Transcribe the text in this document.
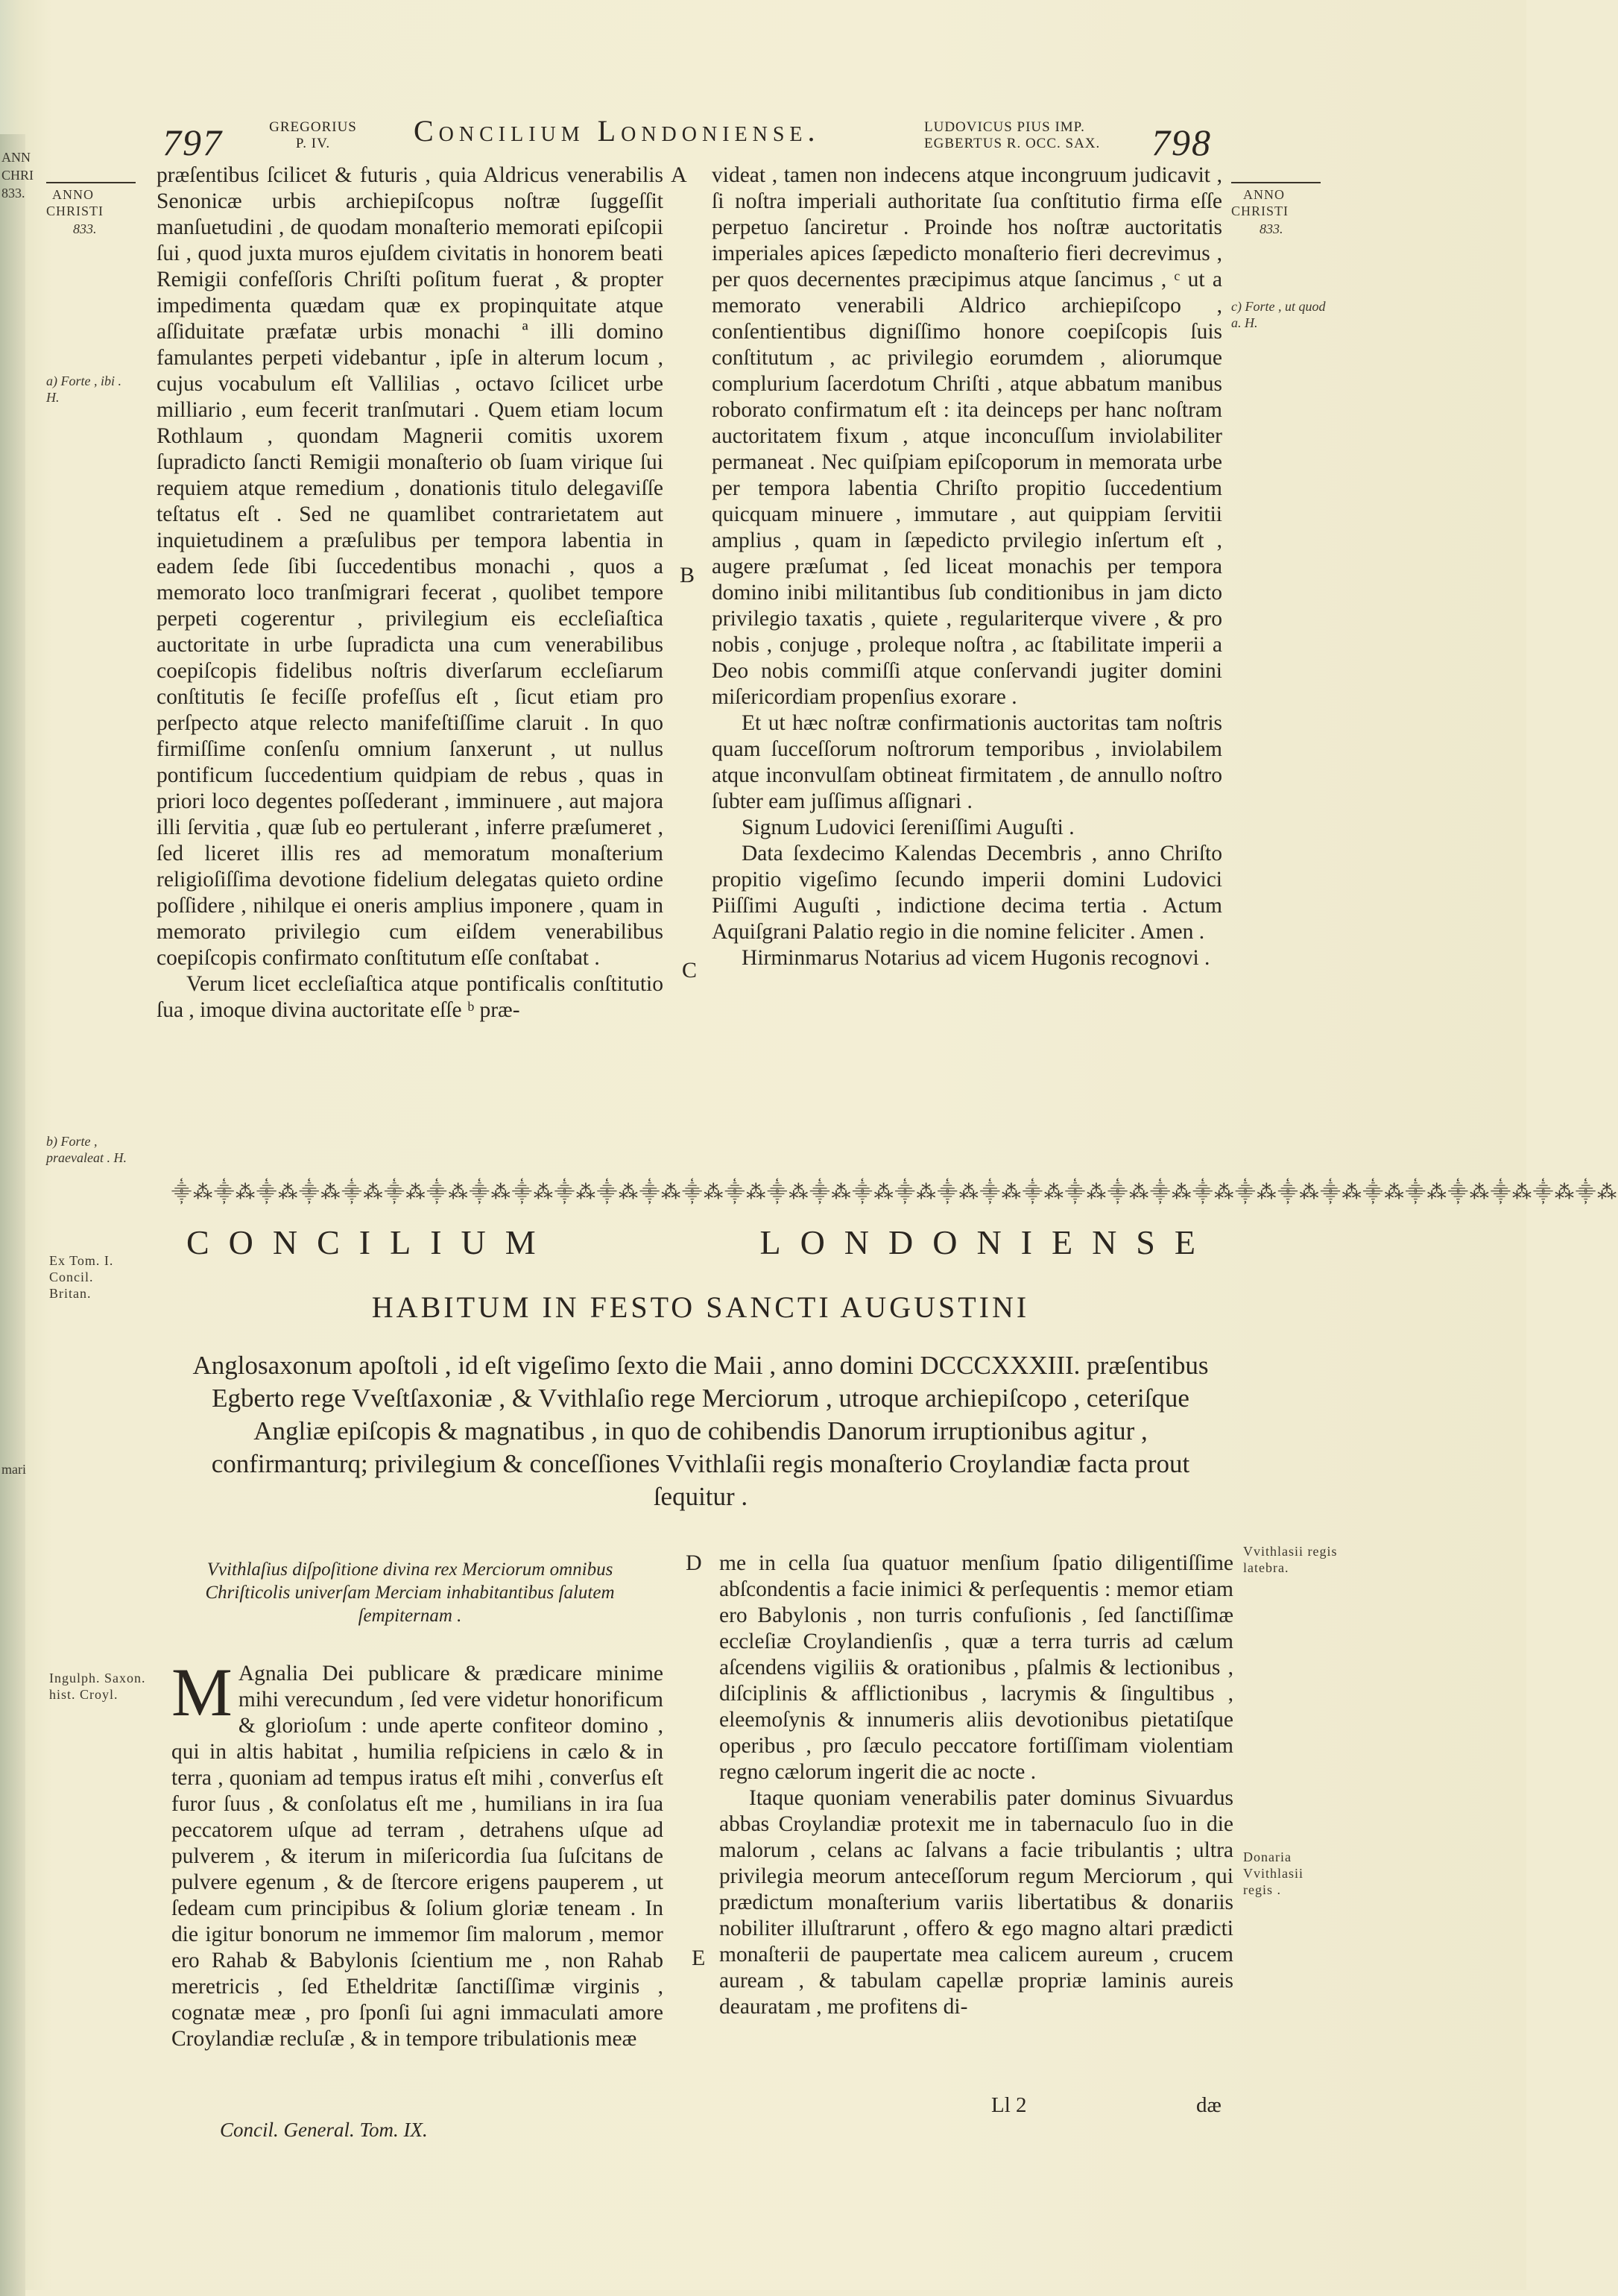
ANN
CHRI
833.
mari
797	GREGORIUS
P. IV.	Concilium Londoniense.	LUDOVICUS PIUS IMP.
EGBERTUS R. OCC. SAX.	798
ANNO
CHRISTI
833.
a) Forte , ibi . H.
b) Forte , praevaleat . H.
Ex Tom. I. Concil. Britan.
Ingulph. Saxon. hist. Croyl.
ANNO
CHRISTI
833.
c) Forte , ut quod a. H.
Vvithlasii regis latebra.
Donaria Vvithlasii regis .
A
B
C
D
E

præſentibus ſcilicet & futuris , quia Aldricus venerabilis Senonicæ urbis archiepiſcopus noſtræ ſuggeſſit manſuetudini , de quodam monaſterio memorati epiſcopii ſui , quod juxta muros ejuſdem civitatis in honorem beati Remigii confeſſoris Chriſti poſitum fuerat , & propter impedimenta quædam quæ ex propinquitate atque aſſiduitate præfatæ urbis monachi ª illi domino famulantes perpeti videbantur , ipſe in alterum locum , cujus vocabulum eſt Vallilias , octavo ſcilicet urbe milliario , eum fecerit tranſmutari . Quem etiam locum Rothlaum , quondam Magnerii comitis uxorem ſupradicto ſancti Remigii monaſterio ob ſuam virique ſui requiem atque remedium , donationis titulo delegaviſſe teſtatus eſt . Sed ne quamlibet contrarietatem aut inquietudinem a præſulibus per tempora labentia in eadem ſede ſibi ſuccedentibus monachi , quos a memorato loco tranſmigrari fecerat , quolibet tempore perpeti cogerentur , privilegium eis eccleſiaſtica auctoritate in urbe ſupradicta una cum venerabilibus coepiſcopis fidelibus noſtris diverſarum eccleſiarum conſtitutis ſe feciſſe profeſſus eſt , ſicut etiam pro perſpecto atque relecto manifeſtiſſime claruit . In quo firmiſſime conſenſu omnium ſanxerunt , ut nullus pontificum ſuccedentium quidpiam de rebus , quas in priori loco degentes poſſederant , imminuere , aut majora illi ſervitia , quæ ſub eo pertulerant , inferre præſumeret , ſed liceret illis res ad memoratum monaſterium religioſiſſima devotione fidelium delegatas quieto ordine poſſidere , nihilque ei oneris amplius imponere , quam in memorato privilegio cum eiſdem venerabilibus coepiſcopis confirmato conſtitutum eſſe conſtabat .

Verum licet eccleſiaſtica atque pontificalis conſtitutio ſua , imoque divina auctoritate eſſe ᵇ præ-

videat , tamen non indecens atque incongruum judicavit , ſi noſtra imperiali authoritate ſua conſtitutio firma eſſe perpetuo ſanciretur . Proinde hos noſtræ auctoritatis imperiales apices ſæpedicto monaſterio fieri decrevimus , per quos decernentes præcipimus atque ſancimus , ᶜ ut a memorato venerabili Aldrico archiepiſcopo , conſentientibus digniſſimo honore coepiſcopis ſuis conſtitutum , ac privilegio eorumdem , aliorumque complurium ſacerdotum Chriſti , atque abbatum manibus roborato confirmatum eſt : ita deinceps per hanc noſtram auctoritatem fixum , atque inconcuſſum inviolabiliter permaneat . Nec quiſpiam epiſcoporum in memorata urbe per tempora labentia Chriſto propitio ſuccedentium quicquam minuere , immutare , aut quippiam ſervitii amplius , quam in ſæpedicto prvilegio inſertum eſt , augere præſumat , ſed liceat monachis per tempora domino inibi militantibus ſub conditionibus in jam dicto privilegio taxatis , quiete , regulariterque vivere , & pro nobis , conjuge , proleque noſtra , ac ſtabilitate imperii a Deo nobis commiſſi atque conſervandi jugiter domini miſericordiam propenſius exorare .

Et ut hæc noſtræ confirmationis auctoritas tam noſtris quam ſucceſſorum noſtrorum temporibus , inviolabilem atque inconvulſam obtineat firmitatem , de annullo noſtro ſubter eam juſſimus aſſignari .

Signum Ludovici ſereniſſimi Auguſti .

Data ſexdecimo Kalendas Decembris , anno Chriſto propitio vigeſimo ſecundo imperii domini Ludovici Piiſſimi Auguſti , indictione decima tertia . Actum Aquiſgrani Palatio regio in die nomine feliciter . Amen .

Hirminmarus Notarius ad vicem Hugonis recognovi .

⸎⁂⸎⁂⸎⁂⸎⁂⸎⁂⸎⁂⸎⁂⸎⁂⸎⁂⸎⁂⸎⁂⸎⁂⸎⁂⸎⁂⸎⁂⸎⁂⸎⁂⸎⁂⸎⁂⸎⁂⸎⁂⸎⁂⸎⁂⸎⁂⸎⁂⸎⁂⸎⁂⸎⁂⸎⁂⸎⁂⸎⁂⸎⁂⸎⁂⸎⁂
CONCILIUM LONDONIENSE
HABITUM IN FESTO SANCTI AUGUSTINI
Anglosaxonum apoſtoli , id eſt vigeſimo ſexto die Maii , anno domini DCCCXXXIII. præſentibus Egberto rege Vveſtſaxoniæ , & Vvithlaſio rege Merciorum , utroque archiepiſcopo , ceteriſque Angliæ epiſcopis & magnatibus , in quo de cohibendis Danorum irruptionibus agitur , confirmanturq; privilegium & conceſſiones Vvithlaſii regis monaſterio Croylandiæ facta prout ſequitur .
Vvithlaſius diſpoſitione divina rex Merciorum omnibus Chriſticolis univerſam Merciam inhabitantibus ſalutem ſempiternam .
M Agnalia Dei publicare & prædicare minime mihi verecundum , ſed vere videtur honorificum & glorioſum : unde aperte confiteor domino , qui in altis habitat , humilia reſpiciens in cælo & in terra , quoniam ad tempus iratus eſt mihi , converſus eſt furor ſuus , & conſolatus eſt me , humilians in ira ſua peccatorem uſque ad terram , detrahens uſque ad pulverem , & iterum in miſericordia ſua ſuſcitans de pulvere egenum , & de ſtercore erigens pauperem , ut ſedeam cum principibus & ſolium gloriæ teneam . In die igitur bonorum ne immemor ſim malorum , memor ero Rahab & Babylonis ſcientium me , non Rahab meretricis , ſed Etheldritæ ſanctiſſimæ virginis , cognatæ meæ , pro ſponſi ſui agni immaculati amore Croylandiæ recluſæ , & in tempore tribulationis meæ

me in cella ſua quatuor menſium ſpatio diligentiſſime abſcondentis a facie inimici & perſequentis : memor etiam ero Babylonis , non turris confuſionis , ſed ſanctiſſimæ eccleſiæ Croylandienſis , quæ a terra turris ad cælum aſcendens vigiliis & orationibus , pſalmis & lectionibus , diſciplinis & afflictionibus , lacrymis & ſingultibus , eleemoſynis & innumeris aliis devotionibus pietatiſque operibus , pro ſæculo peccatore fortiſſimam violentiam regno cælorum ingerit die ac nocte .

Itaque quoniam venerabilis pater dominus Sivuardus abbas Croylandiæ protexit me in tabernaculo ſuo in die malorum , celans ac ſalvans a facie tribulantis ; ultra privilegia meorum anteceſſorum regum Merciorum , qui prædictum monaſterium variis libertatibus & donariis nobiliter illuſtrarunt , offero & ego magno altari prædicti monaſterii de paupertate mea calicem aureum , crucem auream , & tabulam capellæ propriæ laminis aureis deauratam , me profitens di-

Concil. General. Tom. IX.
Ll 2	dæ
